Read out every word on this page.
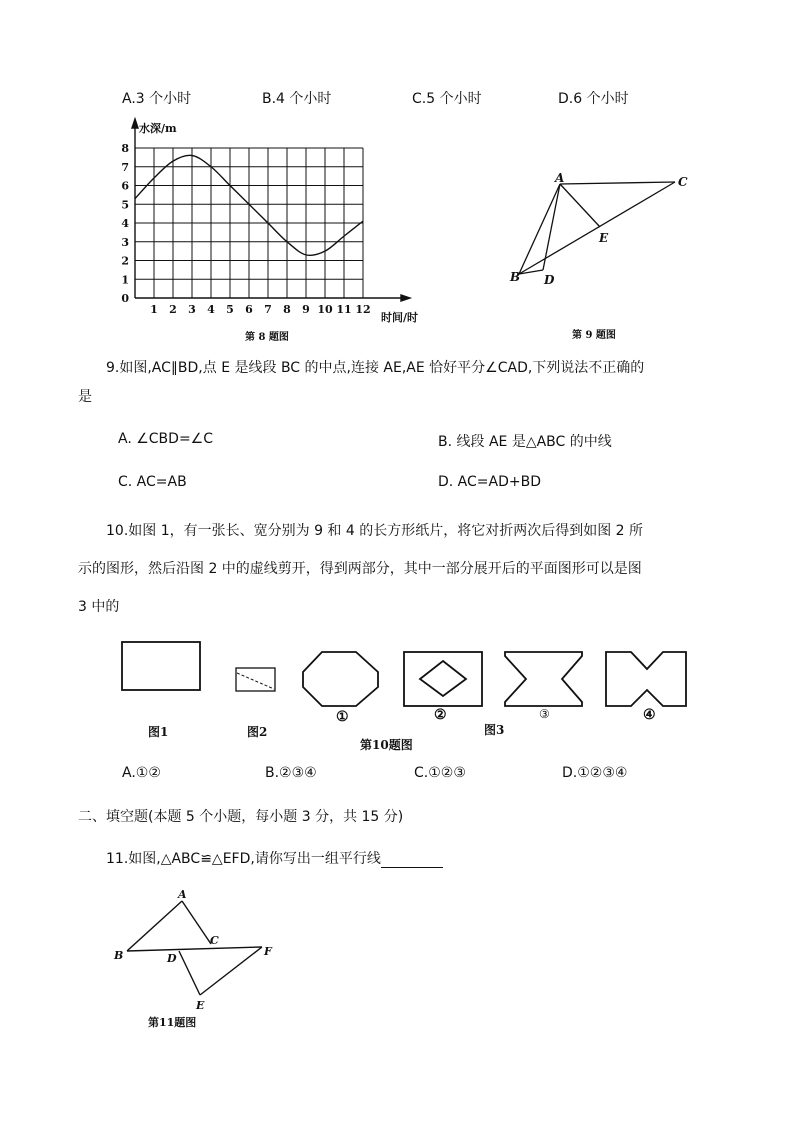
A.3 个小时	B.4 个小时	C.5 个小时	D.6 个小时
1 2 3 4 5 6 7 8 9 10 11 12
0
1
2
3
4
5
6
7
8
水深/m
时间/时
第 8 题图
A	C
E
B D
第 9 题图
9.如图,AC∥BD,点 E 是线段 BC 的中点,连接 AE,AE 恰好平分∠CAD,下列说法不正确的
是
A. ∠CBD=∠C	B. 线段 AE 是△ABC 的中线
C. AC=AB	D. AC=AD+BD
10.如图 1，有一张长、宽分别为 9 和 4 的长方形纸片，将它对折两次后得到如图 2 所
示的图形，然后沿图 2 中的虚线剪开，得到两部分，其中一部分展开后的平面图形可以是图
3 中的
图1	图2	图3
第10题图
①	②	③	④
A.①②	B.②③④	C.①②③	D.①②③④
二、填空题(本题 5 个小题，每小题 3 分，共 15 分)
11.如图,△ABC≌△EFD,请你写出一组平行线
A
B
C
D
E
F
第11题图
